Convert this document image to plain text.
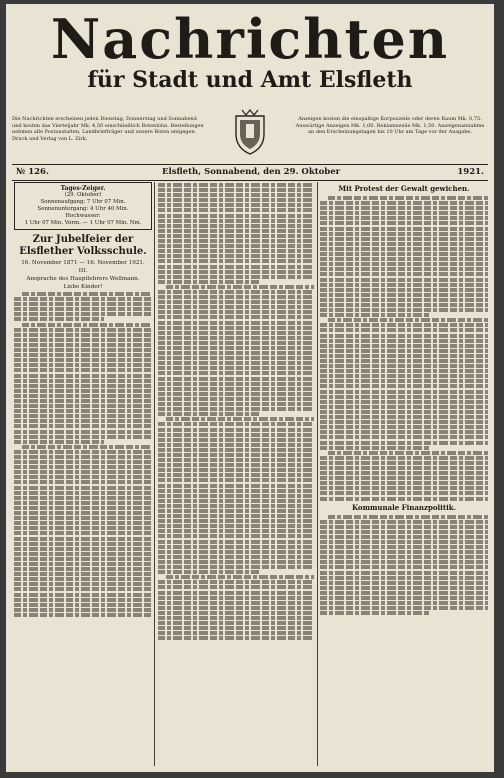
Nachrichten
für Stadt und Amt Elsfleth
Die Nachrichten erscheinen jeden Dienstag, Donnerstag und Sonnabend und kosten das Vierteljahr Mk. 4,50 einschließlich Botenlohn. Bestellungen nehmen alle Postanstalten, Landbriefträger und unsere Boten entgegen. Druck und Verlag von L. Zirk.
Anzeigen kosten die einspaltige Korpuszeile oder deren Raum Mk. 0,75. Auswärtige Anzeigen Mk. 1,00. Reklamezeile Mk. 1,50. Anzeigenannahme an den Erscheinungstagen bis 10 Uhr am Tage vor der Ausgabe.
№ 126.	Elsfleth, Sonnabend, den 29. Oktober	1921.
Tages-Zeiger.
(29. Oktober)
Sonnenaufgang: 7 Uhr 07 Min.
Sonnenuntergang: 4 Uhr 40 Min.
Hochwasser:
1 Uhr 07 Min. Vorm. — 1 Uhr 07 Min. Nm.
Zur Jubelfeier der Elsflether Volksschule.
16. November 1871 — 16. November 1921.
III.
Ansprache des Hauptlehrers Wellmann.
Liebe Kinder!
Mit Protest der Gewalt gewichen.
Kommunale Finanzpolitik.
